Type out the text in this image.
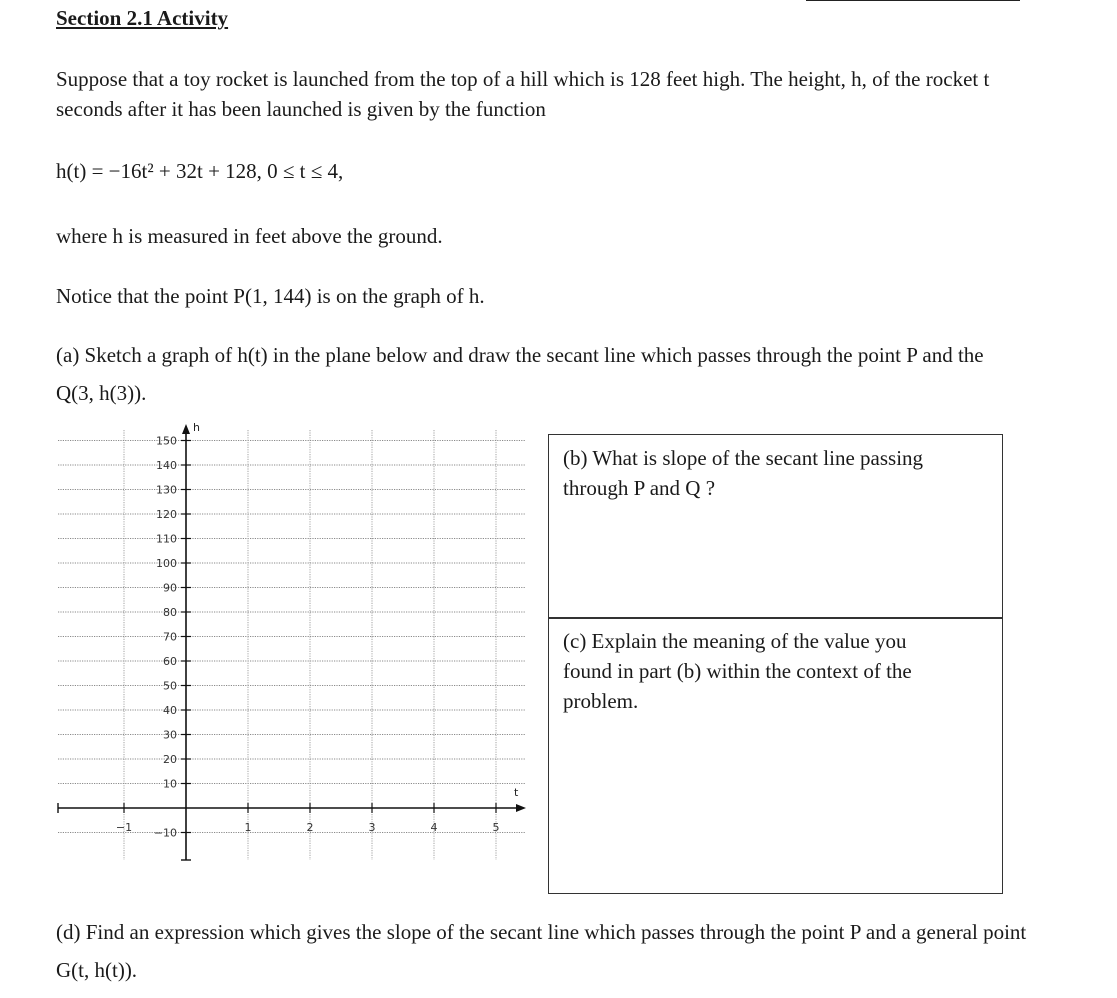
Section 2.1 Activity
Suppose that a toy rocket is launched from the top of a hill which is 128 feet high. The height, h, of the rocket t
seconds after it has been launched is given by the function
h(t) = −16t² + 32t + 128, 0 ≤ t ≤ 4,
where h is measured in feet above the ground.
Notice that the point P(1, 144) is on the graph of h.
(a) Sketch a graph of h(t) in the plane below and draw the secant line which passes through the point P and the
Q(3, h(3)).
150
140
130
120
110
100
90
80
70
60
50
40
30
20
10
−10
−1	1	2	3	4	5
h
t
(b) What is slope of the secant line passing
through P and Q ?
(c) Explain the meaning of the value you
found in part (b) within the context of the
problem.
(d) Find an expression which gives the slope of the secant line which passes through the point P and a general point
G(t, h(t)).
